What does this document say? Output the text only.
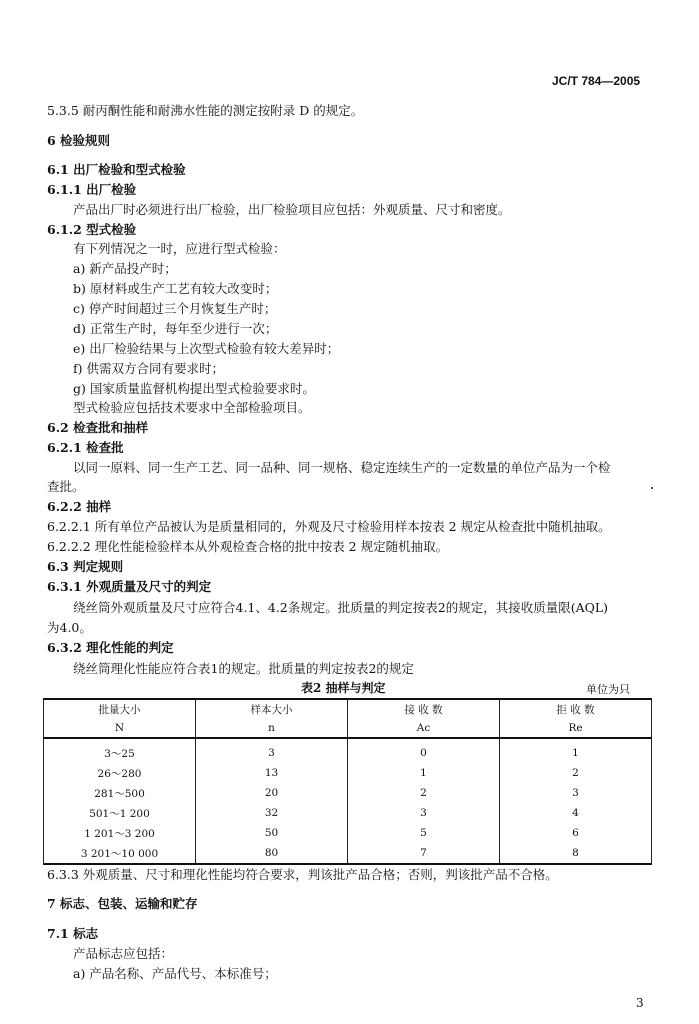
JC/T 784—2005
5.3.5 耐丙酮性能和耐沸水性能的测定按附录 D 的规定。
6 检验规则
6.1 出厂检验和型式检验
6.1.1 出厂检验
产品出厂时必须进行出厂检验，出厂检验项目应包括：外观质量、尺寸和密度。
6.1.2 型式检验
有下列情况之一时，应进行型式检验：
a) 新产品投产时；
b) 原材料或生产工艺有较大改变时；
c) 停产时间超过三个月恢复生产时；
d) 正常生产时，每年至少进行一次；
e) 出厂检验结果与上次型式检验有较大差异时；
f) 供需双方合同有要求时；
g) 国家质量监督机构提出型式检验要求时。
型式检验应包括技术要求中全部检验项目。
6.2 检查批和抽样
6.2.1 检查批
以同一原料、同一生产工艺、同一品种、同一规格、稳定连续生产的一定数量的单位产品为一个检
查批。
6.2.2 抽样
6.2.2.1 所有单位产品被认为是质量相同的，外观及尺寸检验用样本按表 2 规定从检查批中随机抽取。
6.2.2.2 理化性能检验样本从外观检查合格的批中按表 2 规定随机抽取。
6.3 判定规则
6.3.1 外观质量及尺寸的判定
绕丝筒外观质量及尺寸应符合4.1、4.2条规定。批质量的判定按表2的规定，其接收质量限(AQL)
为4.0。
6.3.2 理化性能的判定
绕丝筒理化性能应符合表1的规定。批质量的判定按表2的规定
表2 抽样与判定	单位为只
批量大小	样本大小	接 收 数	拒 收 数
N	n	Ac	Re
3～25	3	0	1
26～280	13	1	2
281～500	20	2	3
501～1 200	32	3	4
1 201～3 200	50	5	6
3 201～10 000	80	7	8
6.3.3 外观质量、尺寸和理化性能均符合要求，判该批产品合格；否则，判该批产品不合格。
7 标志、包装、运输和贮存
7.1 标志
产品标志应包括：
a) 产品名称、产品代号、本标准号；
3
